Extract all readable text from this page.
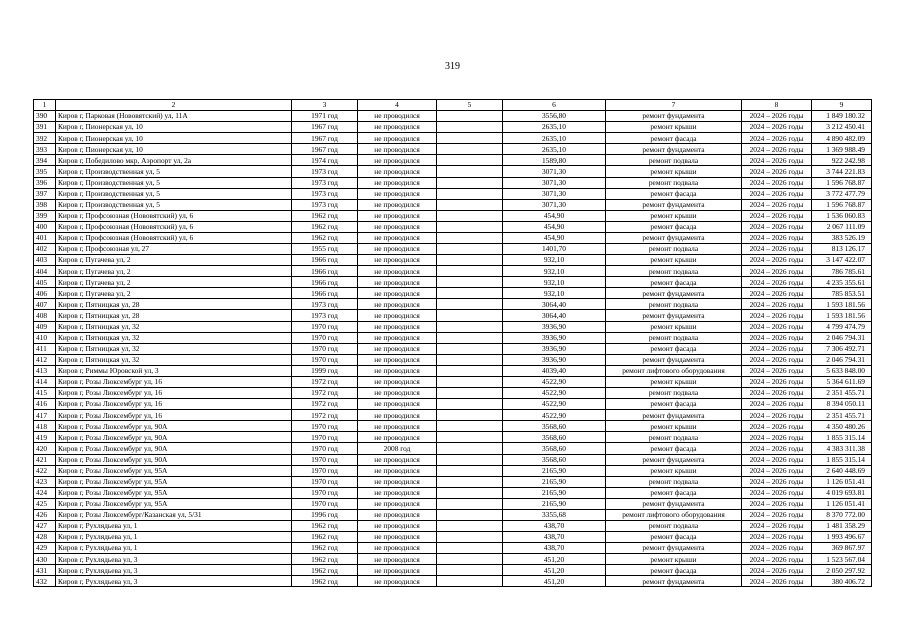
319
1	2	3	4	5	6	7	8	9
390	Киров г, Парковая (Нововятский) ул, 11А	1971 год	не проводился		3556,80	ремонт фундамента	2024 – 2026 годы	1 849 180.32
391	Киров г, Пионерская ул, 10	1967 год	не проводился		2635,10	ремонт крыши	2024 – 2026 годы	3 212 450.41
392	Киров г, Пионерская ул, 10	1967 год	не проводился		2635,10	ремонт фасада	2024 – 2026 годы	4 890 482.09
393	Киров г, Пионерская ул, 10	1967 год	не проводился		2635,10	ремонт фундамента	2024 – 2026 годы	1 369 988.49
394	Киров г, Победилово мкр, Аэропорт ул, 2а	1974 год	не проводился		1589,80	ремонт подвала	2024 – 2026 годы	922 242.98
395	Киров г, Производственная ул, 5	1973 год	не проводился		3071,30	ремонт крыши	2024 – 2026 годы	3 744 221.83
396	Киров г, Производственная ул, 5	1973 год	не проводился		3071,30	ремонт подвала	2024 – 2026 годы	1 596 768.87
397	Киров г, Производственная ул, 5	1973 год	не проводился		3071,30	ремонт фасада	2024 – 2026 годы	3 772 477.79
398	Киров г, Производственная ул, 5	1973 год	не проводился		3071,30	ремонт фундамента	2024 – 2026 годы	1 596 768.87
399	Киров г, Профсоюзная (Нововятский) ул, 6	1962 год	не проводился		454,90	ремонт крыши	2024 – 2026 годы	1 536 060.83
400	Киров г, Профсоюзная (Нововятский) ул, 6	1962 год	не проводился		454,90	ремонт фасада	2024 – 2026 годы	2 067 111.09
401	Киров г, Профсоюзная (Нововятский) ул, 6	1962 год	не проводился		454,90	ремонт фундамента	2024 – 2026 годы	383 526.19
402	Киров г, Профсоюзная ул, 27	1955 год	не проводился		1401,70	ремонт подвала	2024 – 2026 годы	813 126.17
403	Киров г, Пугачева ул, 2	1966 год	не проводился		932,10	ремонт крыши	2024 – 2026 годы	3 147 422.07
404	Киров г, Пугачева ул, 2	1966 год	не проводился		932,10	ремонт подвала	2024 – 2026 годы	786 785.61
405	Киров г, Пугачева ул, 2	1966 год	не проводился		932,10	ремонт фасада	2024 – 2026 годы	4 235 355.61
406	Киров г, Пугачева ул, 2	1966 год	не проводился		932,10	ремонт фундамента	2024 – 2026 годы	785 853.51
407	Киров г, Пятницкая ул, 28	1973 год	не проводился		3064,40	ремонт подвала	2024 – 2026 годы	1 593 181.56
408	Киров г, Пятницкая ул, 28	1973 год	не проводился		3064,40	ремонт фундамента	2024 – 2026 годы	1 593 181.56
409	Киров г, Пятницкая ул, 32	1970 год	не проводился		3936,90	ремонт крыши	2024 – 2026 годы	4 799 474.79
410	Киров г, Пятницкая ул, 32	1970 год	не проводился		3936,90	ремонт подвала	2024 – 2026 годы	2 046 794.31
411	Киров г, Пятницкая ул, 32	1970 год	не проводился		3936,90	ремонт фасада	2024 – 2026 годы	7 306 492.71
412	Киров г, Пятницкая ул, 32	1970 год	не проводился		3936,90	ремонт фундамента	2024 – 2026 годы	2 046 794.31
413	Киров г, Риммы Юровской ул, 3	1999 год	не проводился		4039,40	ремонт лифтового оборудования	2024 – 2026 годы	5 633 848.00
414	Киров г, Розы Люксембург ул, 16	1972 год	не проводился		4522,90	ремонт крыши	2024 – 2026 годы	5 364 611.69
415	Киров г, Розы Люксембург ул, 16	1972 год	не проводился		4522,90	ремонт подвала	2024 – 2026 годы	2 351 455.71
416	Киров г, Розы Люксембург ул, 16	1972 год	не проводился		4522,90	ремонт фасада	2024 – 2026 годы	8 394 050.11
417	Киров г, Розы Люксембург ул, 16	1972 год	не проводился		4522,90	ремонт фундамента	2024 – 2026 годы	2 351 455.71
418	Киров г, Розы Люксембург ул, 90А	1970 год	не проводился		3568,60	ремонт крыши	2024 – 2026 годы	4 350 480.26
419	Киров г, Розы Люксембург ул, 90А	1970 год	не проводился		3568,60	ремонт подвала	2024 – 2026 годы	1 855 315.14
420	Киров г, Розы Люксембург ул, 90А	1970 год	2008 год		3568,60	ремонт фасада	2024 – 2026 годы	4 383 311.38
421	Киров г, Розы Люксембург ул, 90А	1970 год	не проводился		3568,60	ремонт фундамента	2024 – 2026 годы	1 855 315.14
422	Киров г, Розы Люксембург ул, 95А	1970 год	не проводился		2165,90	ремонт крыши	2024 – 2026 годы	2 640 448.69
423	Киров г, Розы Люксембург ул, 95А	1970 год	не проводился		2165,90	ремонт подвала	2024 – 2026 годы	1 126 051.41
424	Киров г, Розы Люксембург ул, 95А	1970 год	не проводился		2165,90	ремонт фасада	2024 – 2026 годы	4 019 693.81
425	Киров г, Розы Люксембург ул, 95А	1970 год	не проводился		2165,90	ремонт фундамента	2024 – 2026 годы	1 126 051.41
426	Киров г, Розы Люксембург/Казанская ул, 5/31	1996 год	не проводился		3355,68	ремонт лифтового оборудования	2024 – 2026 годы	8 370 772.00
427	Киров г, Рухлядьева ул, 1	1962 год	не проводился		438,70	ремонт подвала	2024 – 2026 годы	1 481 358.29
428	Киров г, Рухлядьева ул, 1	1962 год	не проводился		438,70	ремонт фасада	2024 – 2026 годы	1 993 496.67
429	Киров г, Рухлядьева ул, 1	1962 год	не проводился		438,70	ремонт фундамента	2024 – 2026 годы	369 867.97
430	Киров г, Рухлядьева ул, 3	1962 год	не проводился		451,20	ремонт крыши	2024 – 2026 годы	1 523 567.04
431	Киров г, Рухлядьева ул, 3	1962 год	не проводился		451,20	ремонт фасада	2024 – 2026 годы	2 050 297.92
432	Киров г, Рухлядьева ул, 3	1962 год	не проводился		451,20	ремонт фундамента	2024 – 2026 годы	380 406.72
